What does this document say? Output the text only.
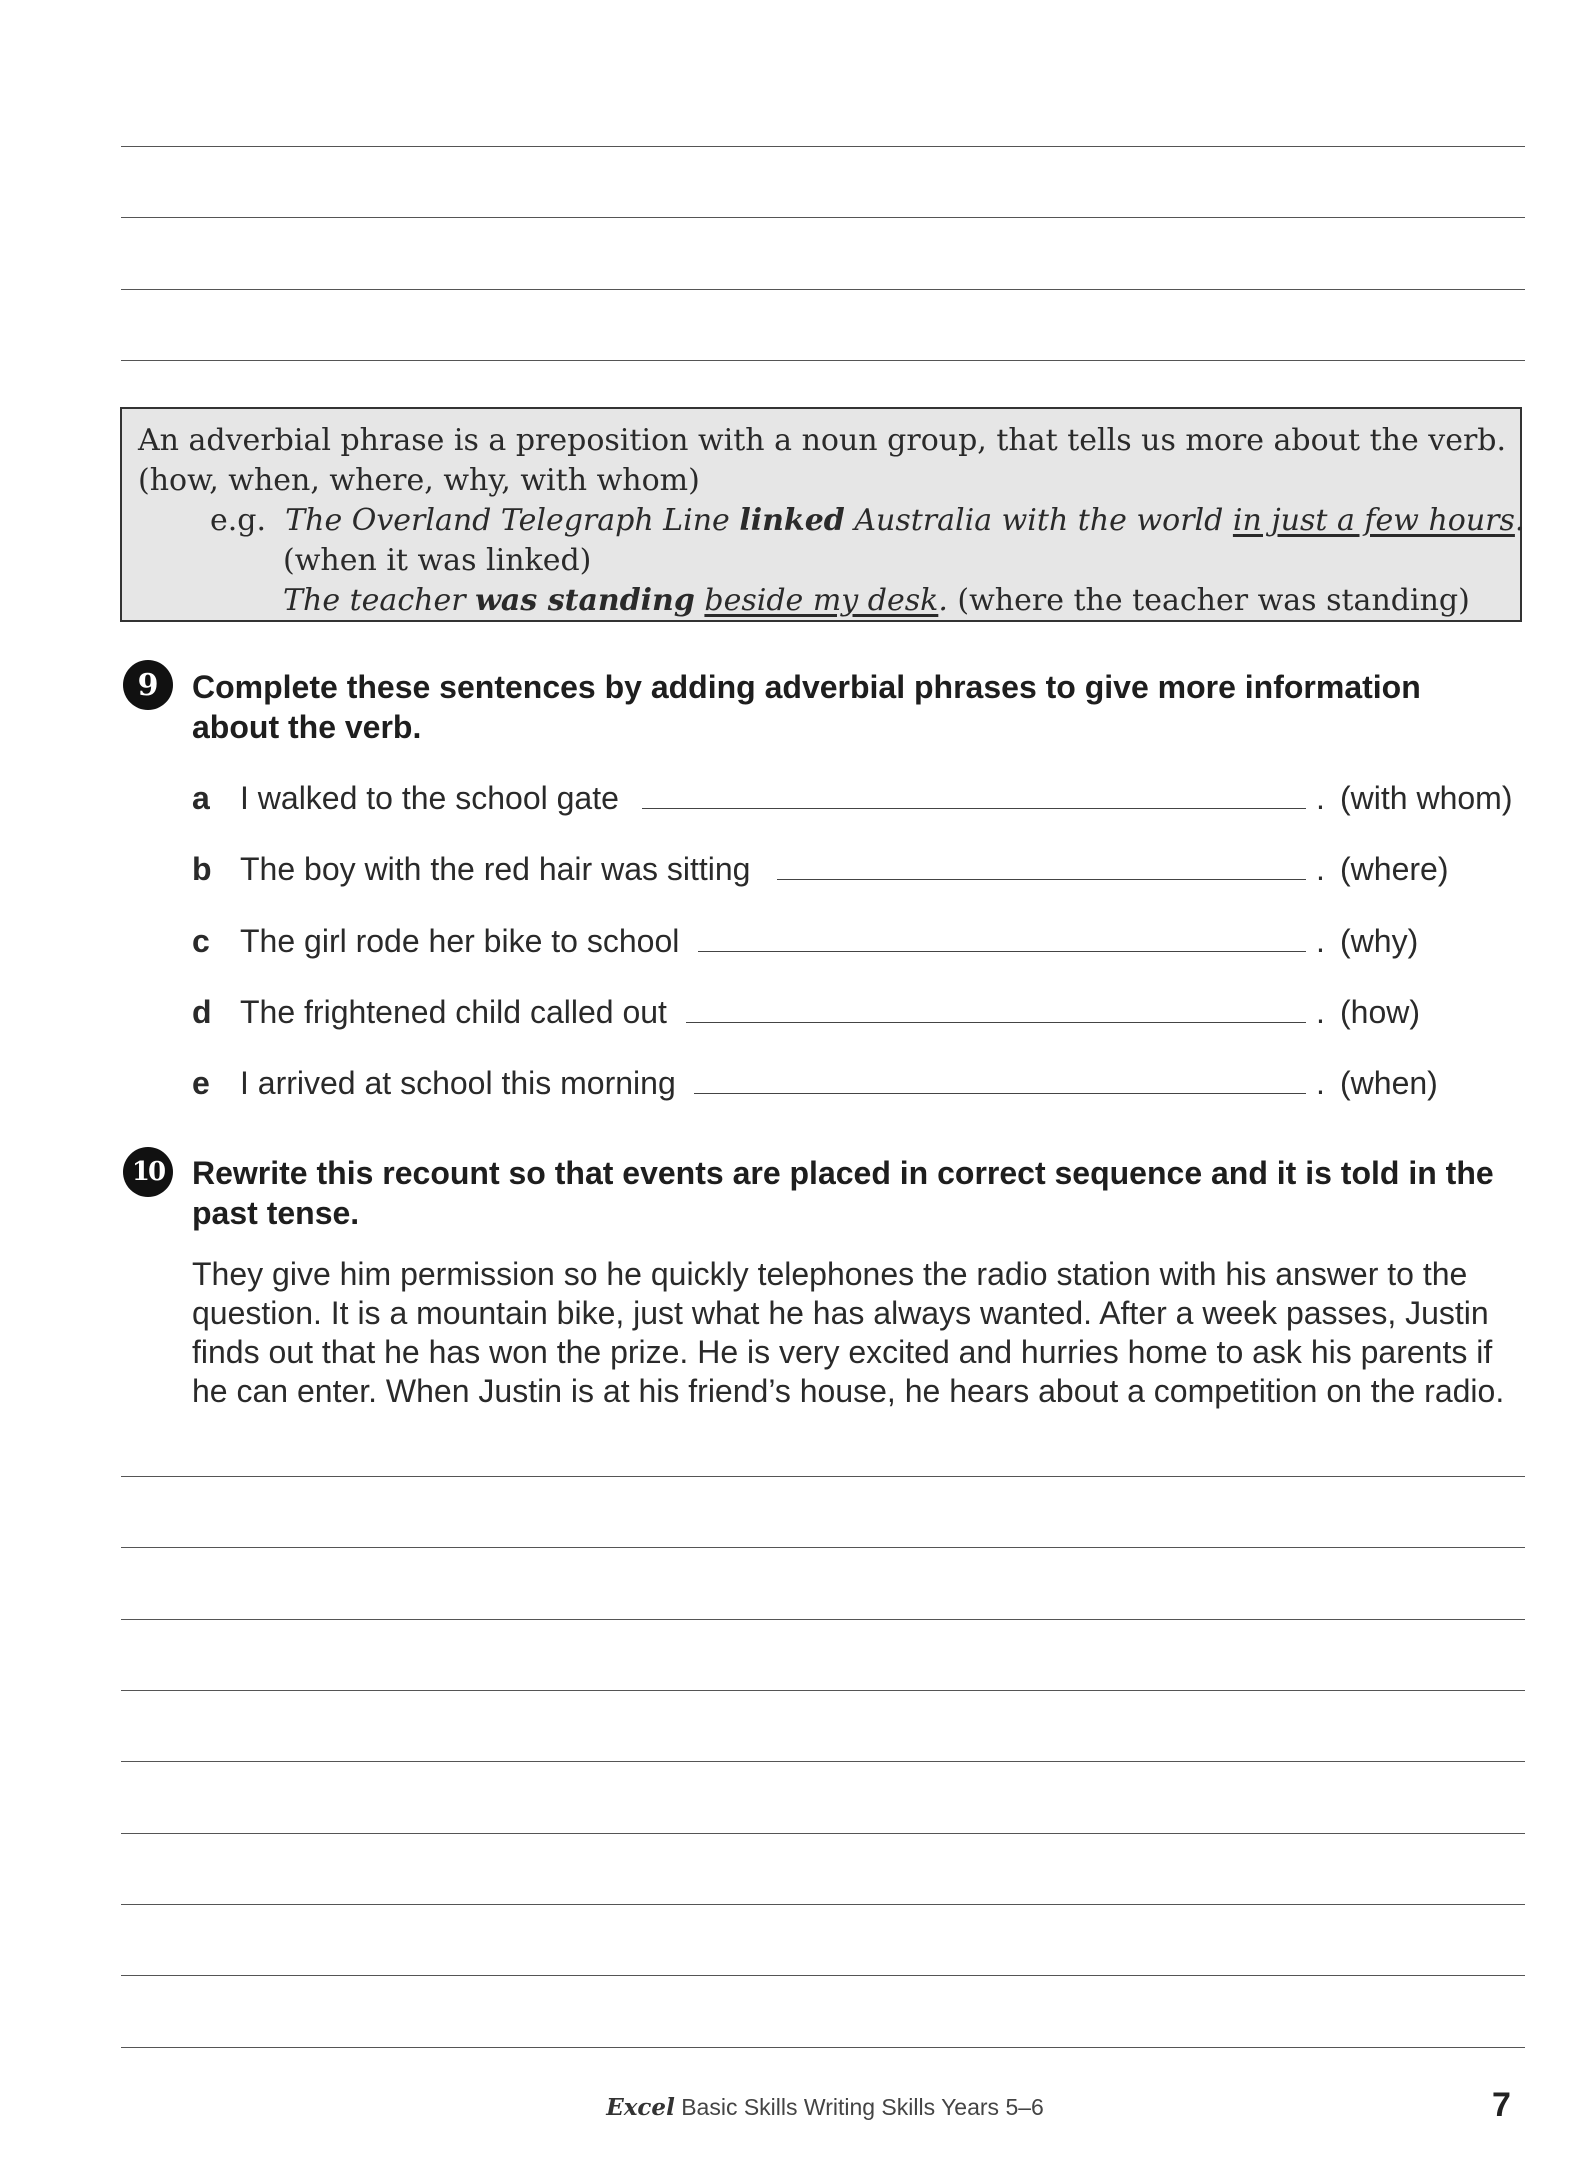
An adverbial phrase is a preposition with a noun group, that tells us more about the verb.
(how, when, where, why, with whom)
e.g. The Overland Telegraph Line linked Australia with the world in just a few hours.
(when it was linked)
The teacher was standing beside my desk. (where the teacher was standing)
9	Complete these sentences by adding adverbial phrases to give more information
about the verb.
a I walked to the school gate	. (with whom)
b The boy with the red hair was sitting	. (where)
c The girl rode her bike to school	. (why)
d The frightened child called out	. (how)
e I arrived at school this morning	. (when)
10 Rewrite this recount so that events are placed in correct sequence and it is told in the
past tense.

They give him permission so he quickly telephones the radio station with his answer to the question. It is a mountain bike, just what he has always wanted. After a week passes, Justin finds out that he has won the prize. He is very excited and hurries home to ask his parents if he can enter. When Justin is at his friend’s house, he hears about a competition on the radio.

Excel Basic Skills Writing Skills Years 5–6	7
